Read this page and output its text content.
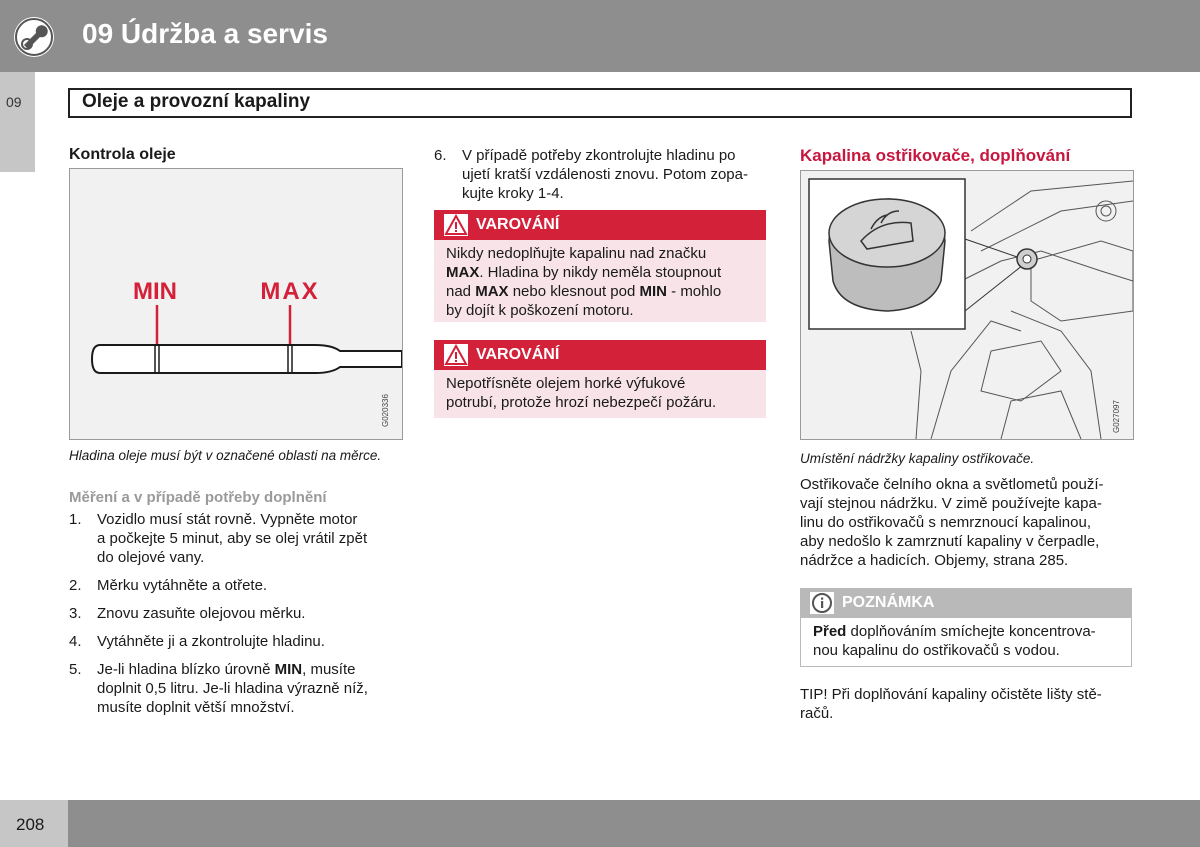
09 Údržba a servis
09	Oleje a provozní kapaliny
Kontrola oleje
MIN	MAX
G020336
Hladina oleje musí být v označené oblasti na měrce.
Měření a v případě potřeby doplnění
1. Vozidlo musí stát rovně. Vypněte motor
a počkejte 5 minut, aby se olej vrátil zpět
do olejové vany.
2. Měrku vytáhněte a otřete.
3. Znovu zasuňte olejovou měrku.
4. Vytáhněte ji a zkontrolujte hladinu.
5. Je-li hladina blízko úrovně MIN, musíte
doplnit 0,5 litru. Je-li hladina výrazně níž,
musíte doplnit větší množství.
6. V případě potřeby zkontrolujte hladinu po
ujetí kratší vzdálenosti znovu. Potom zopa-
kujte kroky 1-4.
VAROVÁNÍ
Nikdy nedoplňujte kapalinu nad značku
MAX. Hladina by nikdy neměla stoupnout
nad MAX nebo klesnout pod MIN - mohlo
by dojít k poškození motoru.
VAROVÁNÍ
Nepotřísněte olejem horké výfukové
potrubí, protože hrozí nebezpečí požáru.
Kapalina ostřikovače, doplňování
G027097
Umístění nádržky kapaliny ostřikovače.
Ostřikovače čelního okna a světlometů použí-
vají stejnou nádržku. V zimě používejte kapa-
linu do ostřikovačů s nemrznoucí kapalinou,
aby nedošlo k zamrznutí kapaliny v čerpadle,
nádržce a hadicích. Objemy, strana 285.
POZNÁMKA
Před doplňováním smíchejte koncentrova-
nou kapalinu do ostřikovačů s vodou.
TIP! Při doplňování kapaliny očistěte lišty stě-
račů.
208
